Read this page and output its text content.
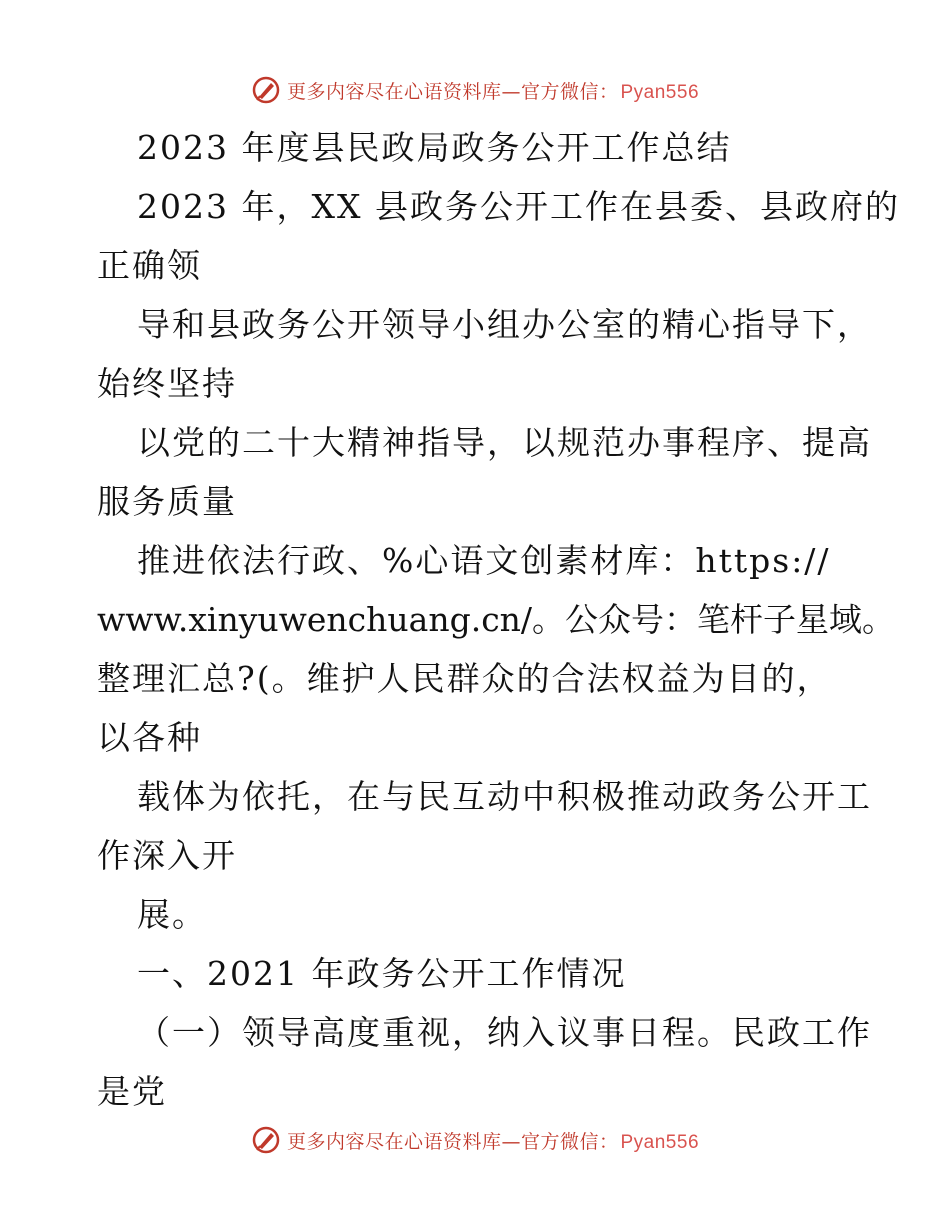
更多内容尽在心语资料库—官方微信： Pyan556
2023 年度县民政局政务公开工作总结
2023 年，XX 县政务公开工作在县委、县政府的
正确领
导和县政务公开领导小组办公室的精心指导下，
始终坚持
以党的二十大精神指导，以规范办事程序、提高
服务质量
推进依法行政、%心语文创素材库：https://
www.xinyuwenchuang.cn/。公众号：笔杆子星域。
整理汇总?(。维护人民群众的合法权益为目的，
以各种
载体为依托，在与民互动中积极推动政务公开工
作深入开
展。
一、2021 年政务公开工作情况
（一）领导高度重视，纳入议事日程。民政工作
是党
更多内容尽在心语资料库—官方微信： Pyan556
